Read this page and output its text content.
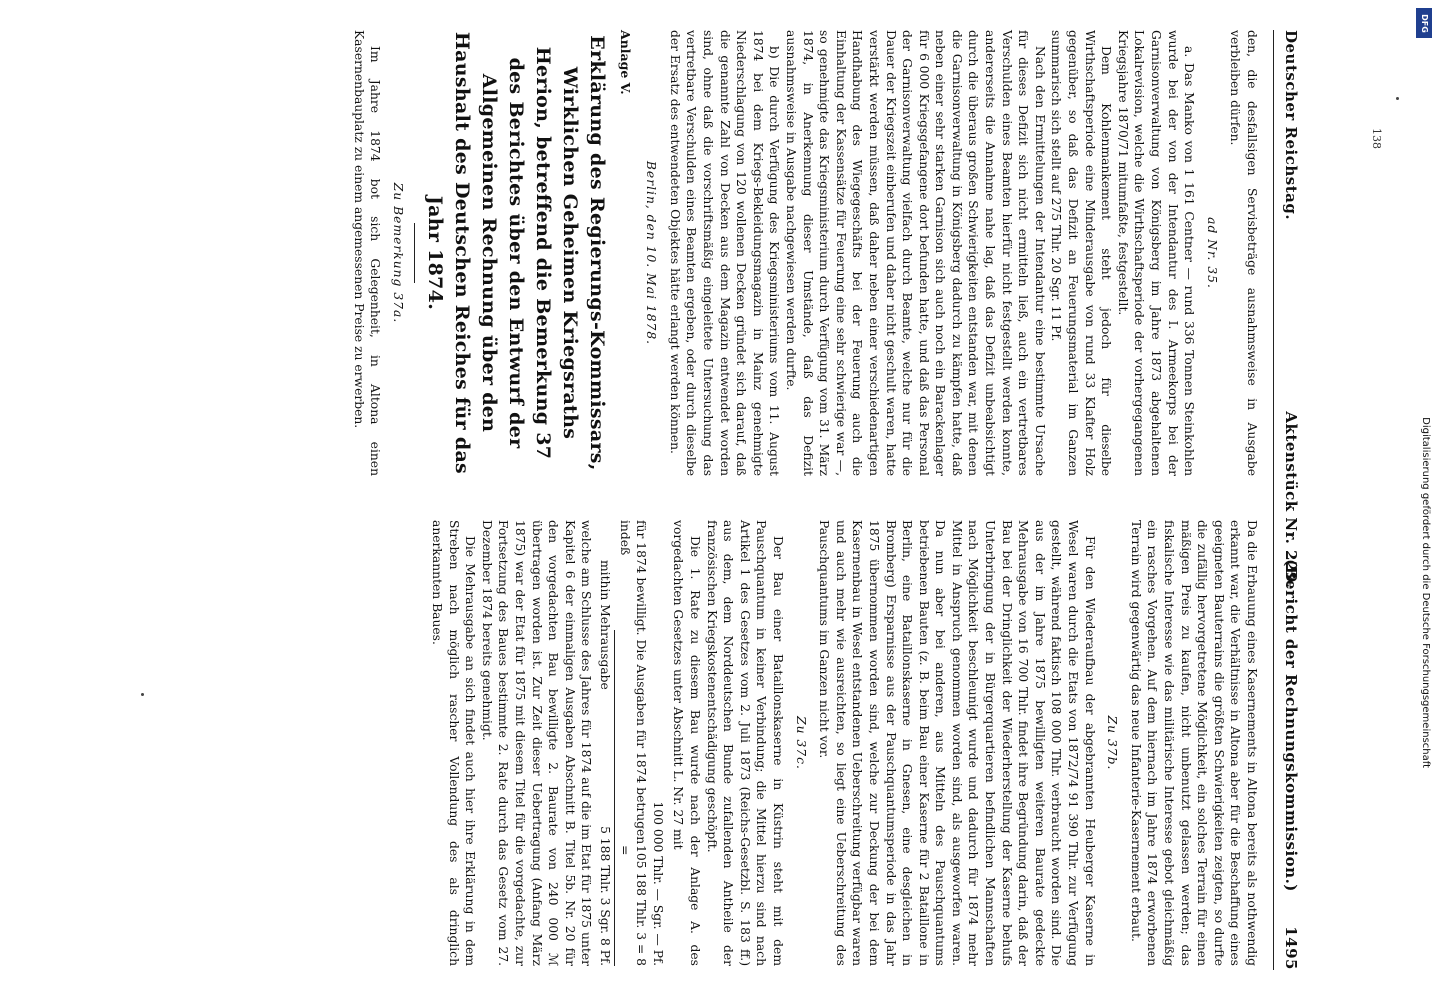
Deutscher Reichstag.
Aktenstück Nr. 229.
(Bericht der Rechnungskommission.)      1495

den, die desfallsigen Servisbeträge ausnahmsweise in Ausgabe verbleiben dürfen.

ad Nr. 35.

a. Das Manko von 1 161 Centner — rund 336 Tonnen Steinkohlen wurde bei der von der Intendantur des I. Armeekorps bei der Garnisonverwaltung von Königsberg im Jahre 1873 abgehaltenen Lokalrevision, welche die Wirthschaftsperiode der vorhergegangenen Kriegsjahre 1870/71 mitumfaßte, festgestellt.

Dem Kohlenmankement steht jedoch für dieselbe Wirthschaftsperiode eine Minderausgabe von rund 33 Klafter Holz gegenüber, so daß das Defizit an Feuerungsmaterial im Ganzen summarisch sich stellt auf 275 Thlr. 20 Sgr. 11 Pf.

Nach den Ermittelungen der Intendantur eine bestimmte Ursache für dieses Defizit sich nicht ermitteln ließ, auch ein vertretbares Verschulden eines Beamten hierfür nicht festgestellt werden konnte, andererseits die Annahme nahe lag, daß das Defizit unbeabsichtigt durch die überaus großen Schwierigkeiten entstanden war, mit denen die Garnisonverwaltung in Königsberg dadurch zu kämpfen hatte, daß neben einer sehr starken Garnison sich auch noch ein Barackenlager für 6 000 Kriegsgefangene dort befunden hatte, und daß das Personal der Garnisonverwaltung vielfach durch Beamte, welche nur für die Dauer der Kriegszeit einberufen und daher nicht geschult waren, hatte verstärkt werden müssen, daß daher neben einer verschiedenartigen Handhabung des Wiegegeschäfts bei der Feuerung auch die Einhaltung der Kassensätze für Feuerung eine sehr schwierige war —, so genehmigte das Kriegsministerium durch Verfügung vom 31. März 1874, in Anerkennung dieser Umstände, daß das Defizit ausnahmsweise in Ausgabe nachgewiesen werden durfte.

b) Die durch Verfügung des Kriegsministeriums vom 11. August 1874 bei dem Kriegs-Bekleidungsmagazin in Mainz genehmigte Niederschlagung von 120 wollenen Decken gründet sich darauf, daß die genannte Zahl von Decken aus dem Magazin entwendet worden sind, ohne daß die vorschriftsmäßig eingeleitete Untersuchung das vertretbare Verschulden eines Beamten ergeben, oder durch dieselbe der Ersatz des entwendeten Objektes hätte erlangt werden können.

Berlin, den 10. Mai 1878.
Anlage V.
Erklärung des Regierungs-Kommissars, Wirklichen Geheimen Kriegsraths Herion, betreffend die Bemerkung 37 des Berichtes über den Entwurf der Allgemeinen Rechnung über den Haushalt des Deutschen Reiches für das Jahr 1874.
Zu Bemerkung 37a.

Im Jahre 1874 bot sich Gelegenheit, in Altona einen Kasernenbauplatz zu einem angemessenen Preise zu erwerben.

Da die Erbauung eines Kasernements in Altona bereits als nothwendig erkannt war, die Verhältnisse in Altona aber für die Beschaffung eines geeigneten Bauterrains die größten Schwierigkeiten zeigten, so durfte die zufällig hervorgetretene Möglichkeit, ein solches Terrain für einen mäßigen Preis zu kaufen, nicht unbenutzt gelassen werden; das fiskalische Interesse wie das militärische Interesse gebot gleichmäßig ein rasches Vorgehen. Auf dem hiernach im Jahre 1874 erworbenen Terrain wird gegenwärtig das neue Infanterie-Kasernement erbaut.

Zu 37b.

Für den Wiederaufbau der abgebrannten Heuberger Kaserne in Wesel waren durch die Etats von 1872/74 91 390 Thlr. zur Verfügung gestellt, während faktisch 108 000 Thlr. verbraucht worden sind. Die aus der im Jahre 1875 bewilligten weiteren Baurate gedeckte Mehrausgabe von 16 700 Thlr. findet ihre Begründung darin, daß der Bau bei der Dringlichkeit der Wiederherstellung der Kaserne behufs Unterbringung der in Bürgerquartieren befindlichen Mannschaften nach Möglichkeit beschleunigt wurde und dadurch für 1874 mehr Mittel in Anspruch genommen worden sind, als ausgeworfen waren. Da nun aber bei anderen, aus Mitteln des Pauschquantums betriebenen Bauten (z. B. beim Bau einer Kaserne für 2 Bataillone in Berlin, eine Bataillonskaserne in Gnesen, eine desgleichen in Bromberg) Ersparnisse aus der Pauschquantumsperiode in das Jahr 1875 übernommen worden sind, welche zur Deckung der bei dem Kasernenbau in Wesel entstandenen Ueberschreitung verfügbar waren und auch mehr wie ausreichten, so liegt eine Ueberschreitung des Pauschquantums im Ganzen nicht vor.

Zu 37c.

Der Bau einer Bataillonskaserne in Küstrin steht mit dem Pauschquantum in keiner Verbindung; die Mittel hierzu sind nach Artikel 1 des Gesetzes vom 2. Juli 1873 (Reichs-Gesetzbl. S. 183 ff.) aus dem, dem Norddeutschen Bunde zufallenden Antheile der französischen Kriegskostenentschädigung geschöpft.

Die 1. Rate zu diesem Bau wurde nach der Anlage A. des vorgedachten Gesetzes unter Abschnitt L. Nr. 27 mit

100 000 Thlr. — Sgr. — Pf.
für 1874 bewilligt. Die Ausgaben für 1874 betrugen indeß
105 188 Thlr. 3 = 8 =
mithin Mehrausgabe
5 188 Thlr. 3 Sgr. 8 Pf.

welche am Schlusse des Jahres für 1874 auf die im Etat für 1875 unter Kapitel 6 der einmaligen Ausgaben Abschnitt B. Titel 5b. Nr. 20 für den vorgedachten Bau bewilligte 2. Baurate von 240 000 ℳ übertragen worden ist. Zur Zeit dieser Uebertragung (Anfang März 1875) war der Etat für 1875 mit diesem Titel für die vorgedachte, zur Fortsetzung des Baues bestimmte 2. Rate durch das Gesetz vom 27. Dezember 1874 bereits genehmigt.

Die Mehrausgabe an sich findet auch hier ihre Erklärung in dem Streben nach möglich rascher Vollendung des als dringlich anerkannten Baues.

138
DFG
Digitalisierung gefördert durch die Deutsche Forschungsgemeinschaft
